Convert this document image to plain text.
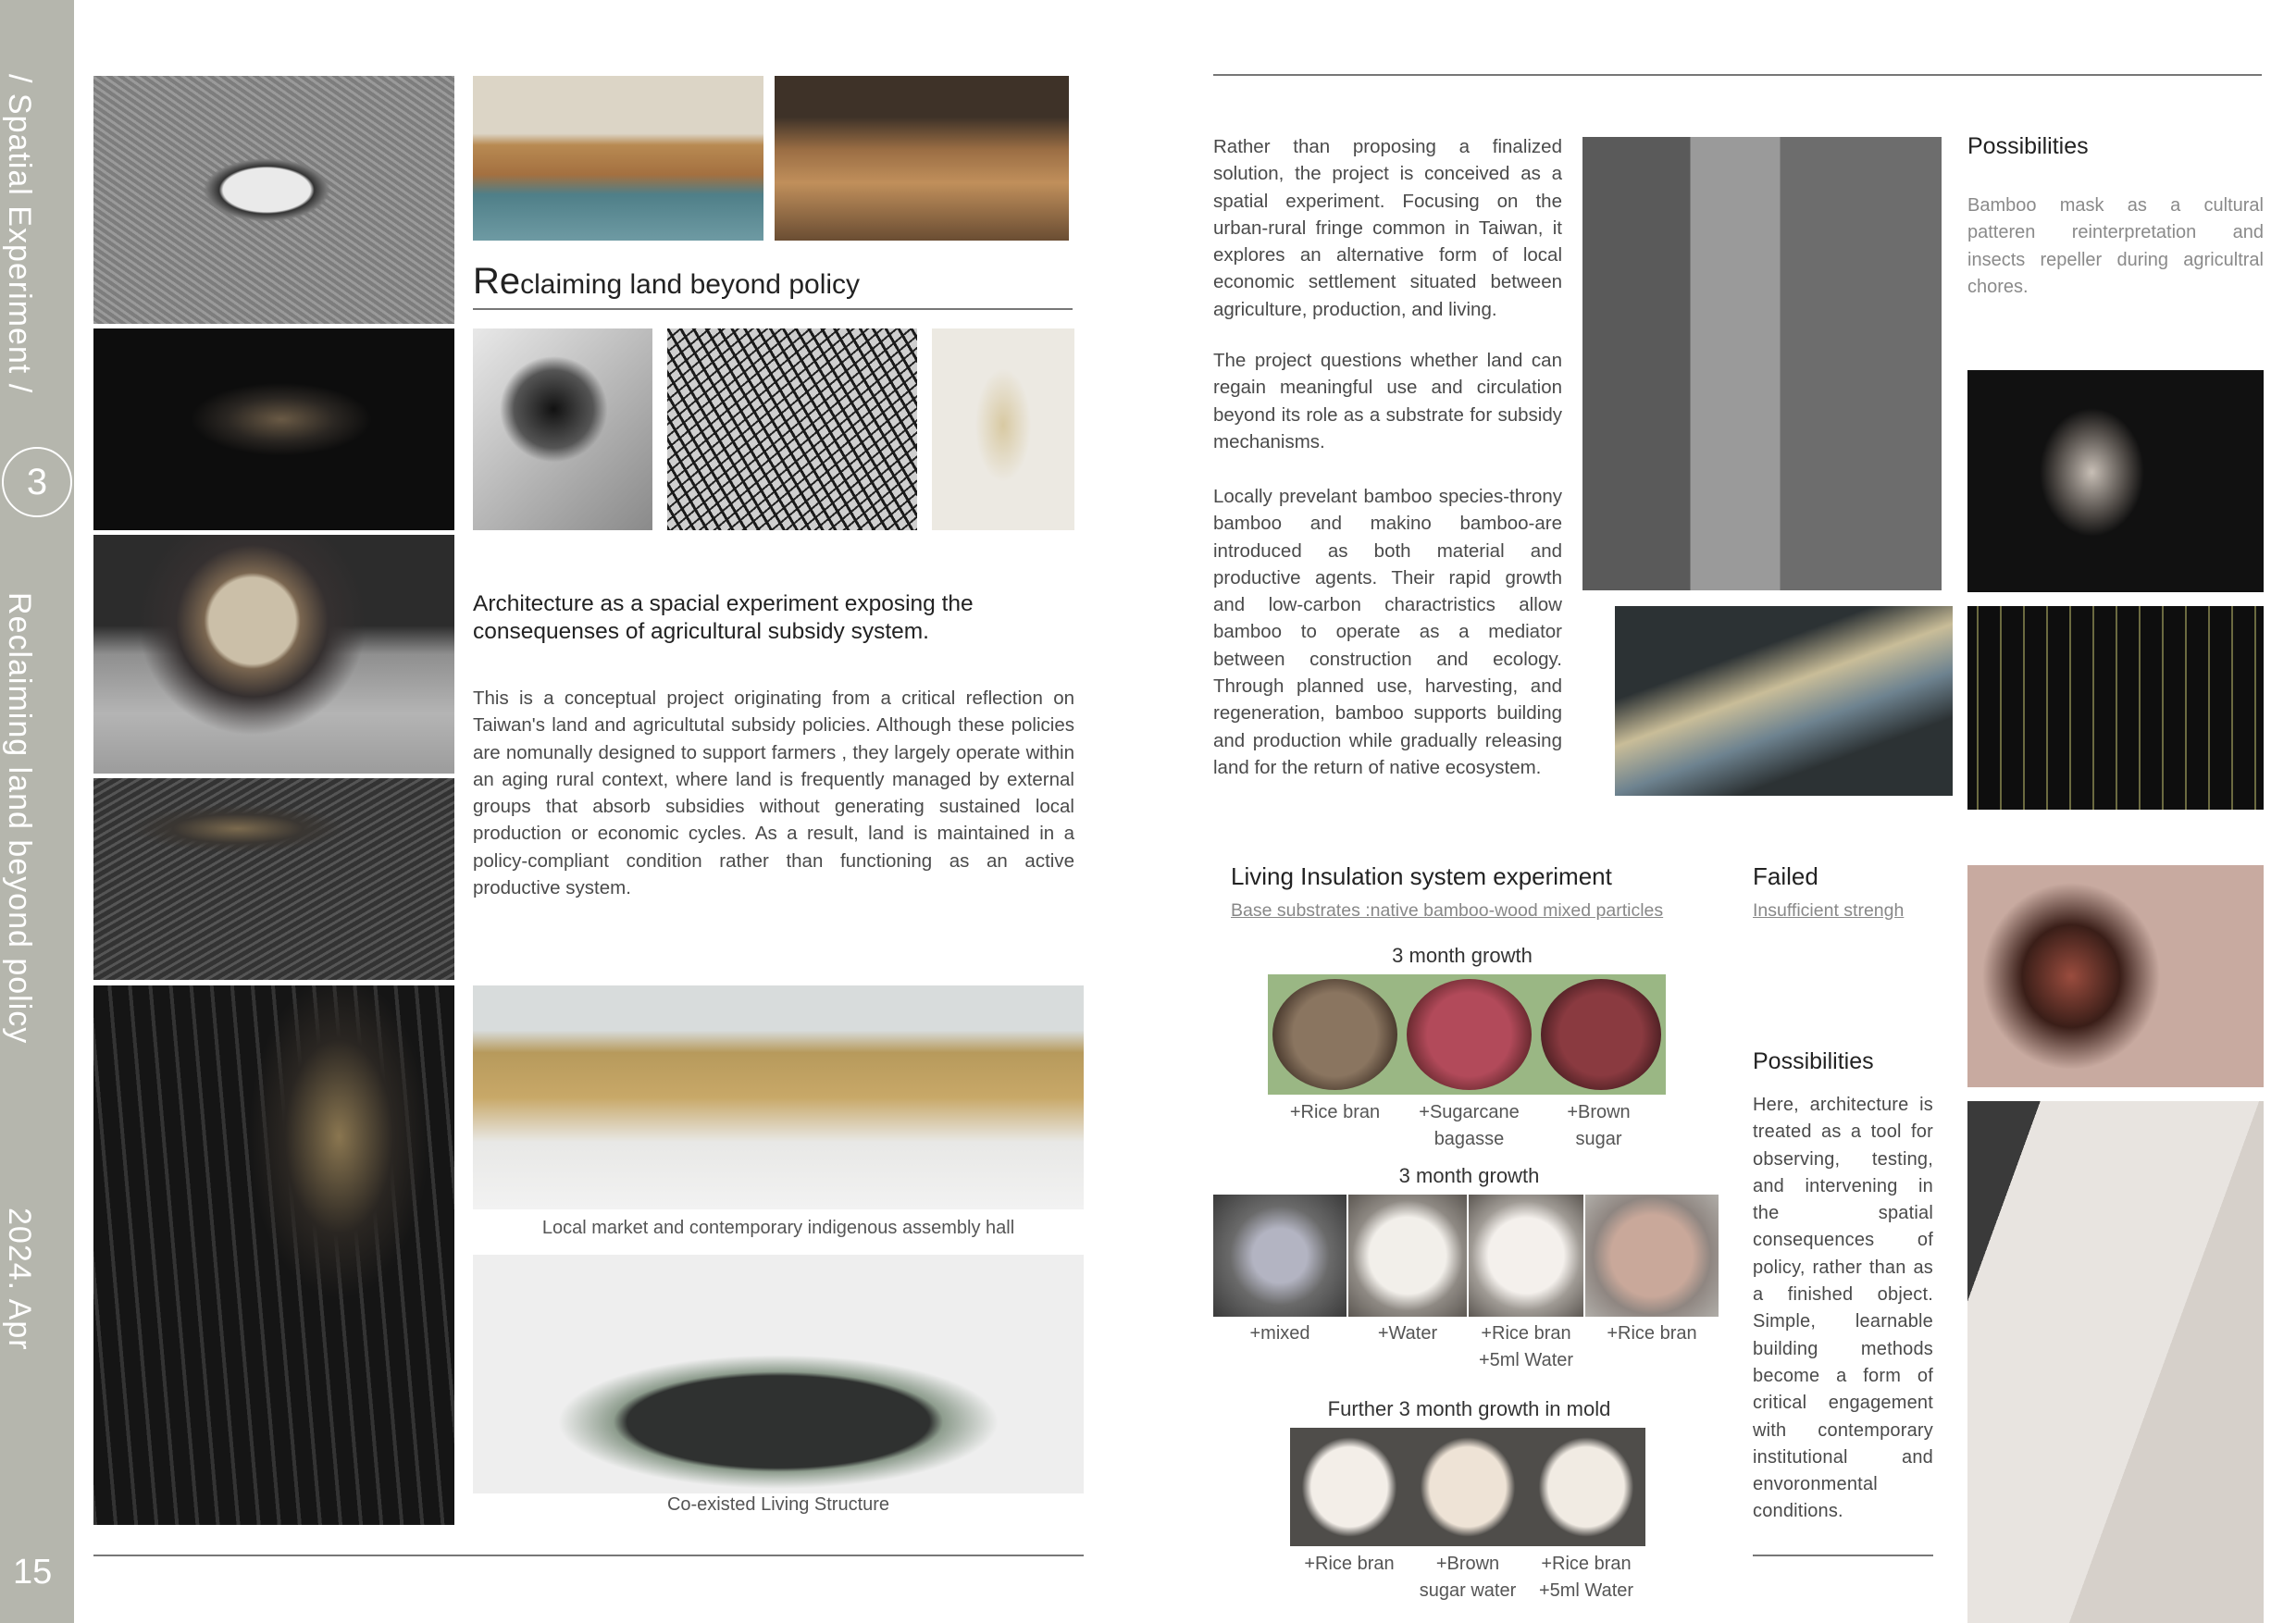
/ Spatial Experiment /
3
Reclaiming land beyond policy
2024. Apr
15
Reclaiming land beyond policy
Architecture as a spacial experiment exposing the consequenses of agricultural subsidy system.
This is a conceptual project originating from a critical reflection on Taiwan's land and agricultutal subsidy policies. Although these policies are nomunally designed to support farmers , they largely operate within an aging rural context, where land is frequently managed by external groups that absorb subsidies without generating sustained local production or economic cycles. As a result, land is maintained in a policy-compliant condition rather than functioning as an active productive system.
Local market and contemporary indigenous assembly hall
Co-existed Living Structure
Rather than proposing a finalized solution, the project is conceived as a spatial experiment. Focusing on the urban-rural fringe common in Taiwan, it explores an alternative form of local economic settlement situated between agriculture, production, and living.
The project questions whether land can regain meaningful use and circulation beyond its role as a substrate for subsidy mechanisms.
Locally prevelant bamboo species-throny bamboo and makino bamboo-are introduced as both material and productive agents. Their rapid growth and low-carbon charactristics allow bamboo to operate as a mediator between construction and ecology. Through planned use, harvesting, and regeneration, bamboo supports building and production while gradually releasing land for the return of native ecosystem.
Possibilities
Bamboo mask as a cultural patteren reinterpretation and insects repeller during agricultral chores.
Living Insulation system experiment
Base substrates :native bamboo-wood mixed particles
Failed
Insufficient strengh
3 month growth
+Rice bran	+Sugarcane
bagasse
+Brown
sugar
3 month growth
+mixed	+Water	+Rice bran
+5ml Water
+Rice bran
Further 3 month growth in mold
+Rice bran	+Brown
sugar water
+Rice bran
+5ml Water
Possibilities
Here, architecture is treated as a tool for observing, testing, and intervening in the spatial consequences of policy, rather than as a finished object. Simple, learnable building methods become a form of critical engagement with contemporary institutional and envoronmental conditions.
